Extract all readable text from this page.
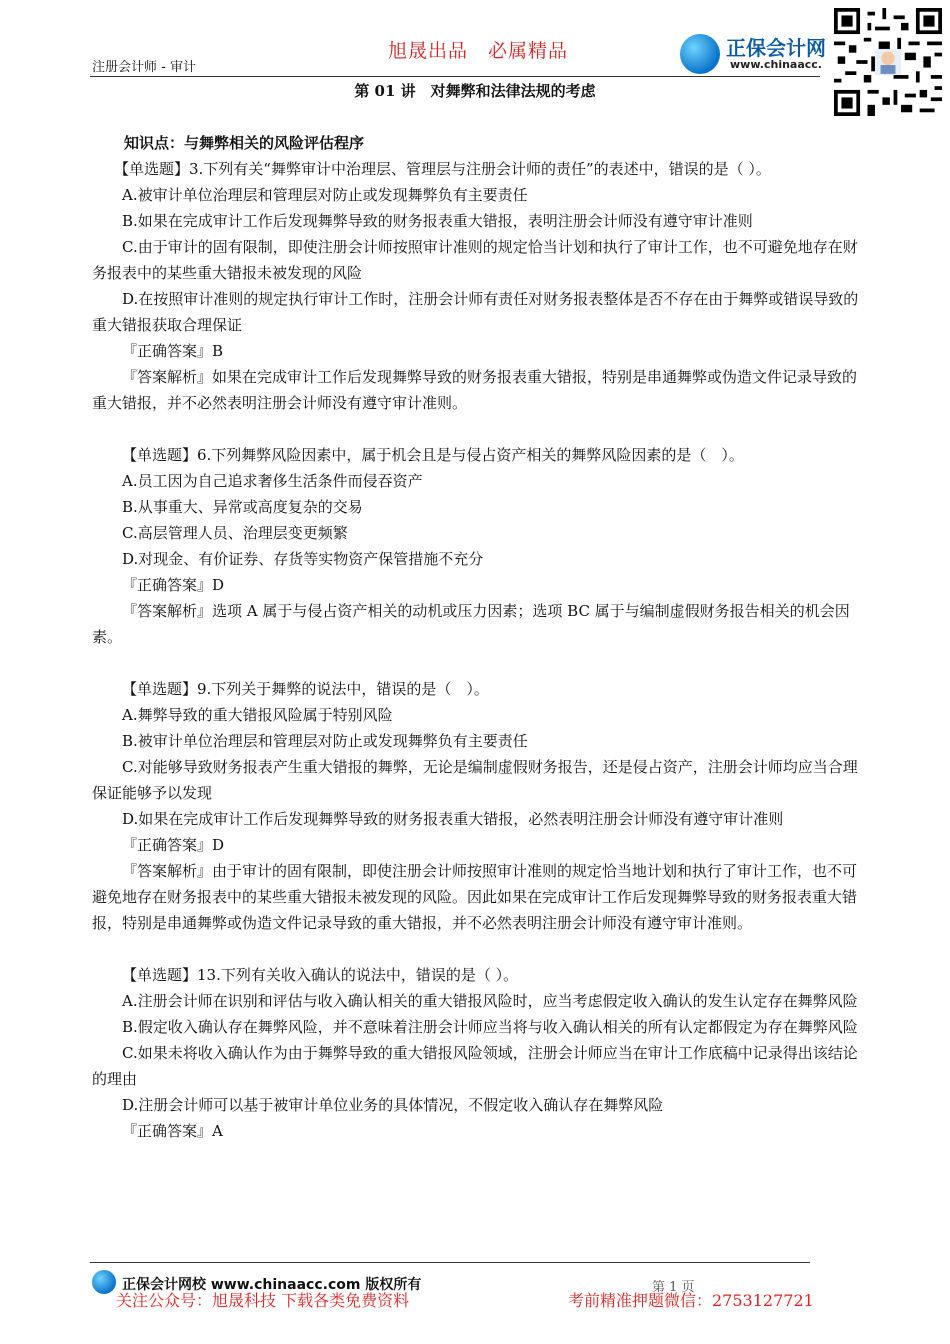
注册会计师 - 审计
旭晟出品　必属精品	正保会计网
www.chinaacc.
第 01 讲　对舞弊和法律法规的考虑
知识点：与舞弊相关的风险评估程序

【单选题】3.下列有关“舞弊审计中治理层、管理层与注册会计师的责任”的表述中，错误的是（ ）。

A.被审计单位治理层和管理层对防止或发现舞弊负有主要责任

B.如果在完成审计工作后发现舞弊导致的财务报表重大错报，表明注册会计师没有遵守审计准则

C.由于审计的固有限制，即使注册会计师按照审计准则的规定恰当计划和执行了审计工作，也不可避免地存在财务报表中的某些重大错报未被发现的风险

D.在按照审计准则的规定执行审计工作时，注册会计师有责任对财务报表整体是否不存在由于舞弊或错误导致的重大错报获取合理保证

『正确答案』B

『答案解析』如果在完成审计工作后发现舞弊导致的财务报表重大错报，特别是串通舞弊或伪造文件记录导致的重大错报，并不必然表明注册会计师没有遵守审计准则。

【单选题】6.下列舞弊风险因素中，属于机会且是与侵占资产相关的舞弊风险因素的是（　）。

A.员工因为自己追求奢侈生活条件而侵吞资产

B.从事重大、异常或高度复杂的交易

C.高层管理人员、治理层变更频繁

D.对现金、有价证券、存货等实物资产保管措施不充分

『正确答案』D

『答案解析』选项 A 属于与侵占资产相关的动机或压力因素；选项 BC 属于与编制虚假财务报告相关的机会因素。

【单选题】9.下列关于舞弊的说法中，错误的是（　）。

A.舞弊导致的重大错报风险属于特别风险

B.被审计单位治理层和管理层对防止或发现舞弊负有主要责任

C.对能够导致财务报表产生重大错报的舞弊，无论是编制虚假财务报告，还是侵占资产，注册会计师均应当合理保证能够予以发现

D.如果在完成审计工作后发现舞弊导致的财务报表重大错报，必然表明注册会计师没有遵守审计准则

『正确答案』D

『答案解析』由于审计的固有限制，即使注册会计师按照审计准则的规定恰当地计划和执行了审计工作，也不可避免地存在财务报表中的某些重大错报未被发现的风险。因此如果在完成审计工作后发现舞弊导致的财务报表重大错报，特别是串通舞弊或伪造文件记录导致的重大错报，并不必然表明注册会计师没有遵守审计准则。

【单选题】13.下列有关收入确认的说法中，错误的是（ ）。

A.注册会计师在识别和评估与收入确认相关的重大错报风险时，应当考虑假定收入确认的发生认定存在舞弊风险

B.假定收入确认存在舞弊风险，并不意味着注册会计师应当将与收入确认相关的所有认定都假定为存在舞弊风险

C.如果未将收入确认作为由于舞弊导致的重大错报风险领域，注册会计师应当在审计工作底稿中记录得出该结论的理由

D.注册会计师可以基于被审计单位业务的具体情况，不假定收入确认存在舞弊风险

『正确答案』A

正保会计网校 www.chinaacc.com 版权所有	第 1 页
关注公众号：旭晟科技 下载各类免费资料	考前精准押题微信：2753127721
